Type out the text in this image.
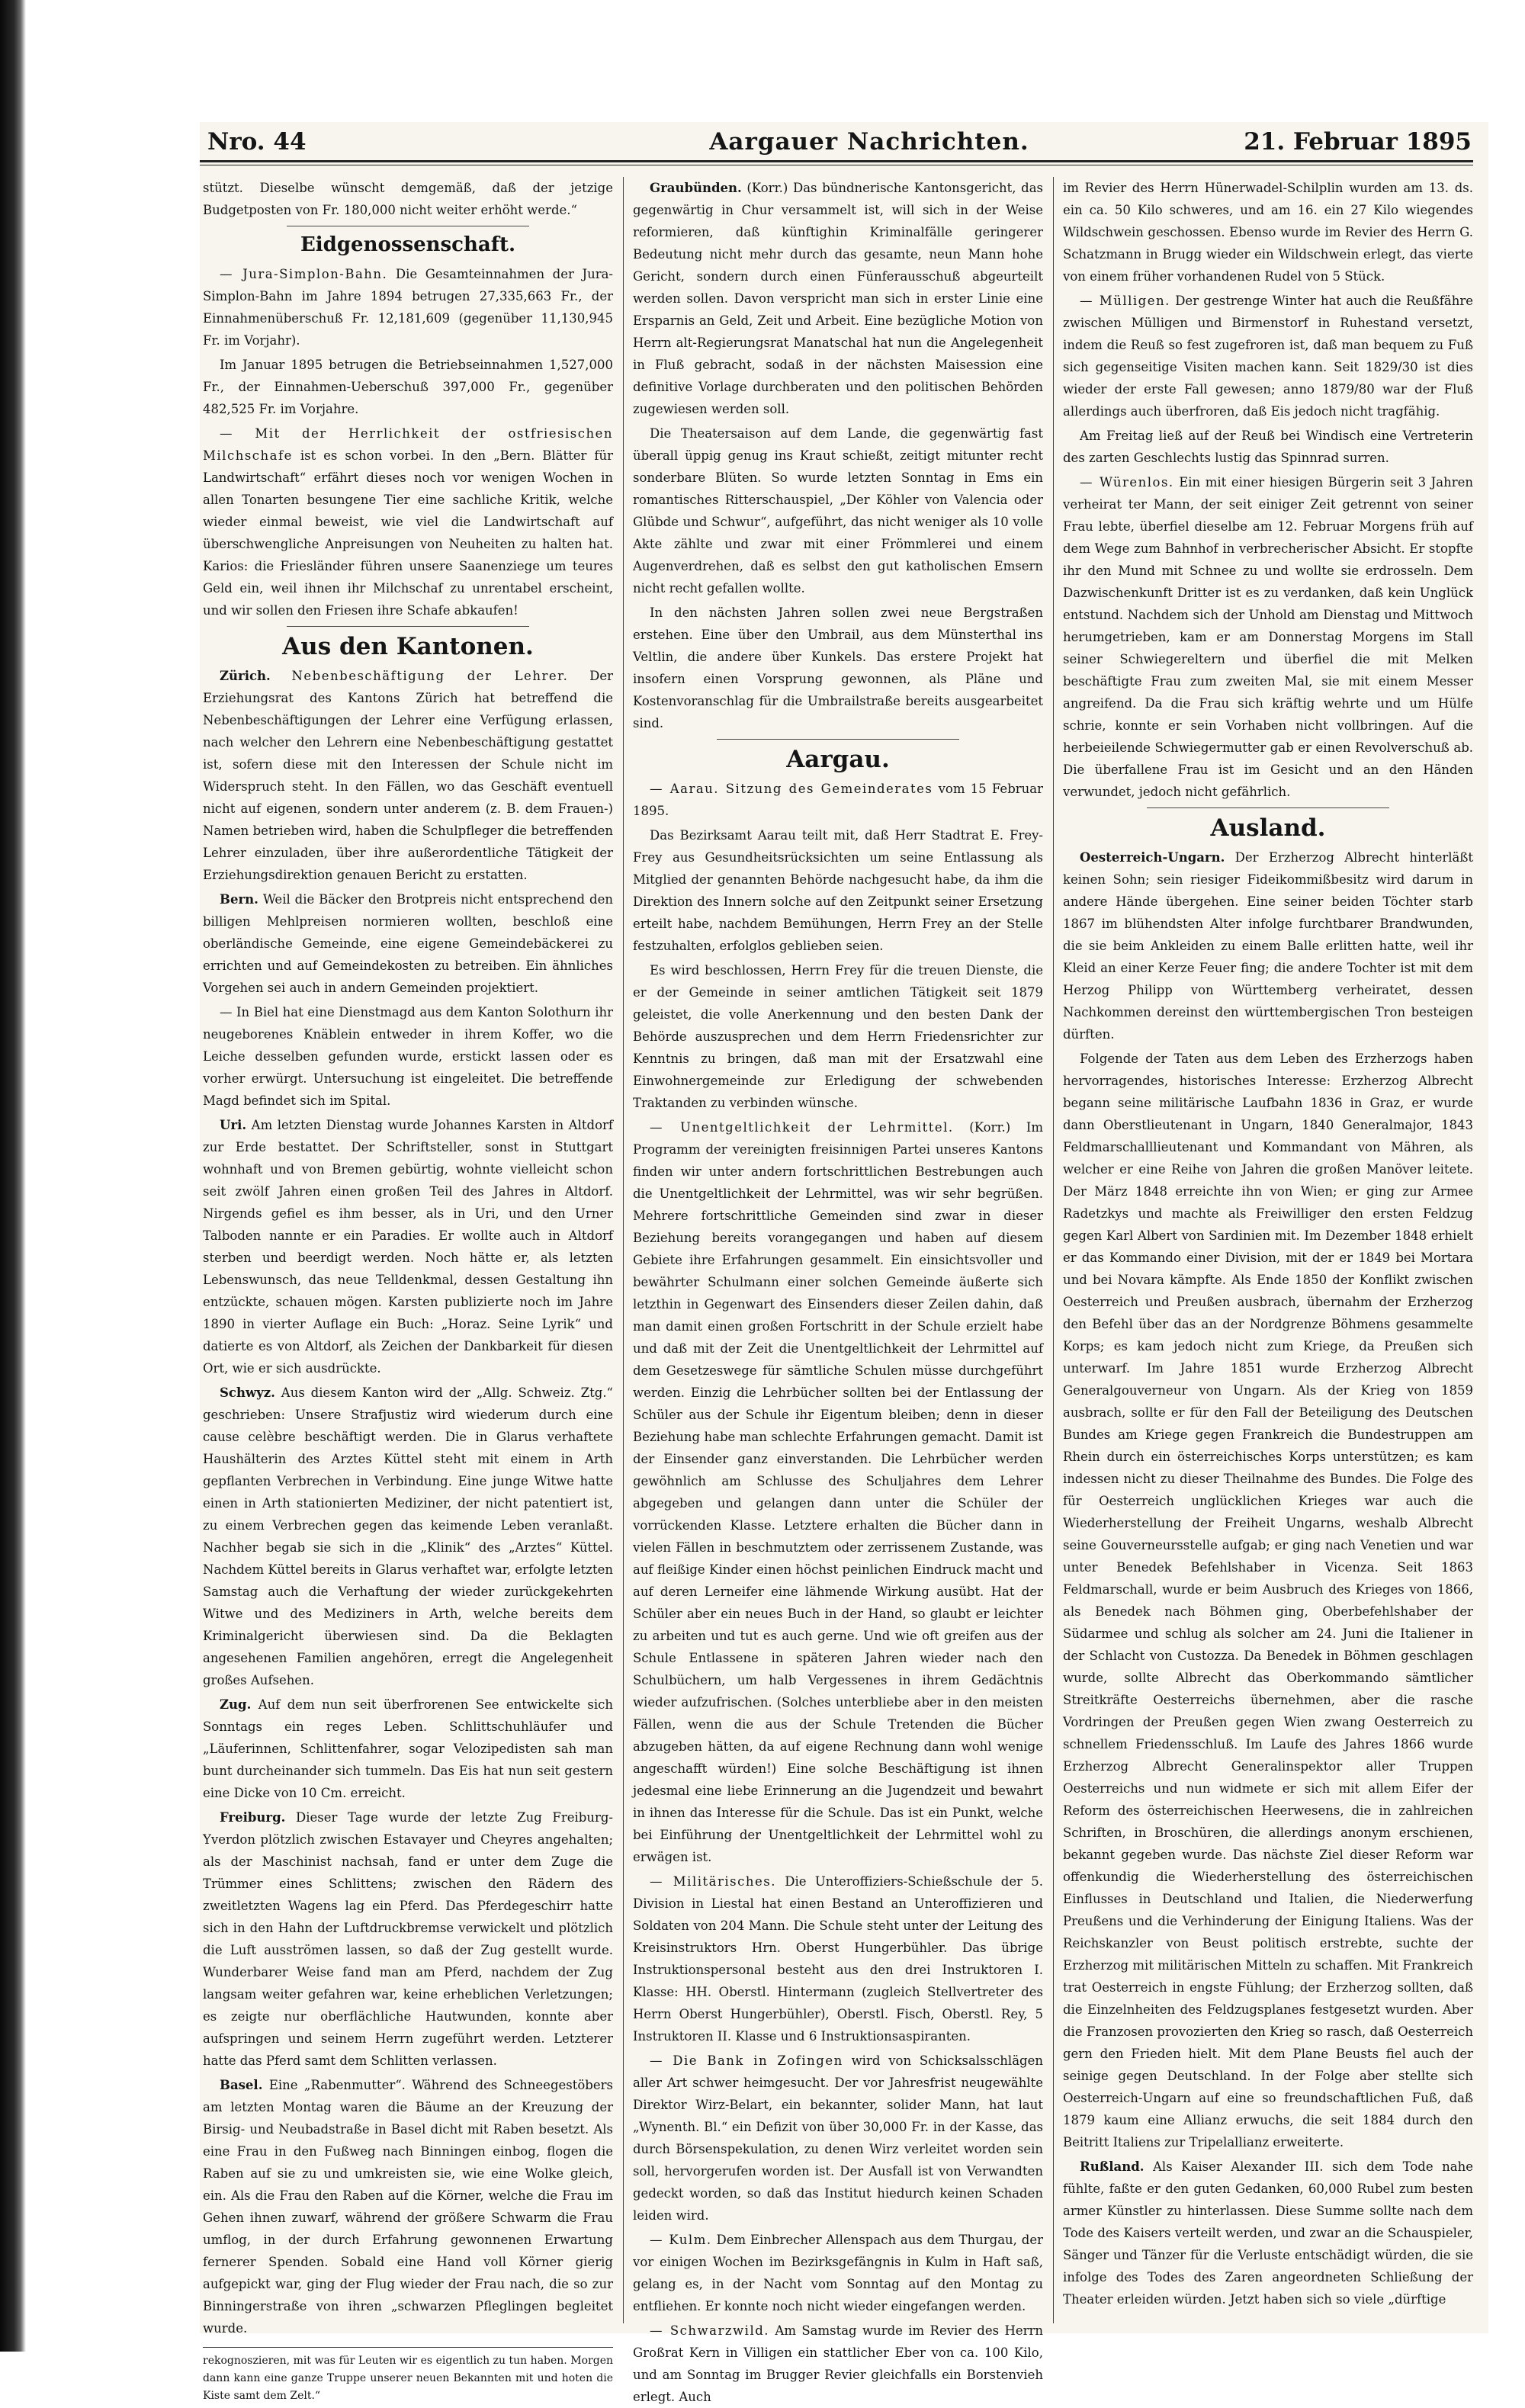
Nro. 44	Aargauer Nachrichten.	21. Februar 1895

stützt. Dieselbe wünscht demgemäß, daß der jetzige Budgetposten von Fr. 180,000 nicht weiter erhöht werde.“

Eidgenossenschaft.

— Jura-Simplon-Bahn. Die Gesamteinnahmen der Jura-Simplon-Bahn im Jahre 1894 betrugen 27,335,663 Fr., der Einnahmenüberschuß Fr. 12,181,609 (gegenüber 11,130,945 Fr. im Vorjahr).

Im Januar 1895 betrugen die Betriebseinnahmen 1,527,000 Fr., der Einnahmen-Ueberschuß 397,000 Fr., gegenüber 482,525 Fr. im Vorjahre.

— Mit der Herrlichkeit der ostfriesischen Milchschafe ist es schon vorbei. In den „Bern. Blätter für Landwirtschaft“ erfährt dieses noch vor wenigen Wochen in allen Tonarten besungene Tier eine sachliche Kritik, welche wieder einmal beweist, wie viel die Landwirtschaft auf überschwengliche Anpreisungen von Neuheiten zu halten hat. Karios: die Friesländer führen unsere Saanenziege um teures Geld ein, weil ihnen ihr Milchschaf zu unrentabel erscheint, und wir sollen den Friesen ihre Schafe abkaufen!

Aus den Kantonen.

Zürich. Nebenbeschäftigung der Lehrer. Der Erziehungsrat des Kantons Zürich hat betreffend die Nebenbeschäftigungen der Lehrer eine Verfügung erlassen, nach welcher den Lehrern eine Nebenbeschäftigung gestattet ist, sofern diese mit den Interessen der Schule nicht im Widerspruch steht. In den Fällen, wo das Geschäft eventuell nicht auf eigenen, sondern unter anderem (z. B. dem Frauen-) Namen betrieben wird, haben die Schulpfleger die betreffenden Lehrer einzuladen, über ihre außerordentliche Tätigkeit der Erziehungsdirektion genauen Bericht zu erstatten.

Bern. Weil die Bäcker den Brotpreis nicht entsprechend den billigen Mehlpreisen normieren wollten, beschloß eine oberländische Gemeinde, eine eigene Gemeindebäckerei zu errichten und auf Gemeindekosten zu betreiben. Ein ähnliches Vorgehen sei auch in andern Gemeinden projektiert.

— In Biel hat eine Dienstmagd aus dem Kanton Solothurn ihr neugeborenes Knäblein entweder in ihrem Koffer, wo die Leiche desselben gefunden wurde, erstickt lassen oder es vorher erwürgt. Untersuchung ist eingeleitet. Die betreffende Magd befindet sich im Spital.

Uri. Am letzten Dienstag wurde Johannes Karsten in Altdorf zur Erde bestattet. Der Schriftsteller, sonst in Stuttgart wohnhaft und von Bremen gebürtig, wohnte vielleicht schon seit zwölf Jahren einen großen Teil des Jahres in Altdorf. Nirgends gefiel es ihm besser, als in Uri, und den Urner Talboden nannte er ein Paradies. Er wollte auch in Altdorf sterben und beerdigt werden. Noch hätte er, als letzten Lebenswunsch, das neue Telldenkmal, dessen Gestaltung ihn entzückte, schauen mögen. Karsten publizierte noch im Jahre 1890 in vierter Auflage ein Buch: „Horaz. Seine Lyrik“ und datierte es von Altdorf, als Zeichen der Dankbarkeit für diesen Ort, wie er sich ausdrückte.

Schwyz. Aus diesem Kanton wird der „Allg. Schweiz. Ztg.“ geschrieben: Unsere Strafjustiz wird wiederum durch eine cause celèbre beschäftigt werden. Die in Glarus verhaftete Haushälterin des Arztes Küttel steht mit einem in Arth gepflanten Verbrechen in Verbindung. Eine junge Witwe hatte einen in Arth stationierten Mediziner, der nicht patentiert ist, zu einem Verbrechen gegen das keimende Leben veranlaßt. Nachher begab sie sich in die „Klinik“ des „Arztes“ Küttel. Nachdem Küttel bereits in Glarus verhaftet war, erfolgte letzten Samstag auch die Verhaftung der wieder zurückgekehrten Witwe und des Mediziners in Arth, welche bereits dem Kriminalgericht überwiesen sind. Da die Beklagten angesehenen Familien angehören, erregt die Angelegenheit großes Aufsehen.

Zug. Auf dem nun seit überfrorenen See entwickelte sich Sonntags ein reges Leben. Schlittschuhläufer und „Läuferinnen, Schlittenfahrer, sogar Velozipedisten sah man bunt durcheinander sich tummeln. Das Eis hat nun seit gestern eine Dicke von 10 Cm. erreicht.

Freiburg. Dieser Tage wurde der letzte Zug Freiburg-Yverdon plötzlich zwischen Estavayer und Cheyres angehalten; als der Maschinist nachsah, fand er unter dem Zuge die Trümmer eines Schlittens; zwischen den Rädern des zweitletzten Wagens lag ein Pferd. Das Pferdegeschirr hatte sich in den Hahn der Luftdruckbremse verwickelt und plötzlich die Luft ausströmen lassen, so daß der Zug gestellt wurde. Wunderbarer Weise fand man am Pferd, nachdem der Zug langsam weiter gefahren war, keine erheblichen Verletzungen; es zeigte nur oberflächliche Hautwunden, konnte aber aufspringen und seinem Herrn zugeführt werden. Letzterer hatte das Pferd samt dem Schlitten verlassen.

Basel. Eine „Rabenmutter“. Während des Schneegestöbers am letzten Montag waren die Bäume an der Kreuzung der Birsig- und Neubadstraße in Basel dicht mit Raben besetzt. Als eine Frau in den Fußweg nach Binningen einbog, flogen die Raben auf sie zu und umkreisten sie, wie eine Wolke gleich, ein. Als die Frau den Raben auf die Körner, welche die Frau im Gehen ihnen zuwarf, während der größere Schwarm die Frau umflog, in der durch Erfahrung gewonnenen Erwartung fernerer Spenden. Sobald eine Hand voll Körner gierig aufgepickt war, ging der Flug wieder der Frau nach, die so zur Binningerstraße von ihren „schwarzen Pfleglingen begleitet wurde.

rekognoszieren, mit was für Leuten wir es eigentlich zu tun haben. Morgen dann kann eine ganze Truppe unserer neuen Bekannten mit und hoten die Kiste samt dem Zelt.“

Graubünden. (Korr.) Das bündnerische Kantonsgericht, das gegenwärtig in Chur versammelt ist, will sich in der Weise reformieren, daß künftighin Kriminalfälle geringerer Bedeutung nicht mehr durch das gesamte, neun Mann hohe Gericht, sondern durch einen Fünferausschuß abgeurteilt werden sollen. Davon verspricht man sich in erster Linie eine Ersparnis an Geld, Zeit und Arbeit. Eine bezügliche Motion von Herrn alt-Regierungsrat Manatschal hat nun die Angelegenheit in Fluß gebracht, sodaß in der nächsten Maisession eine definitive Vorlage durchberaten und den politischen Behörden zugewiesen werden soll.

Die Theatersaison auf dem Lande, die gegenwärtig fast überall üppig genug ins Kraut schießt, zeitigt mitunter recht sonderbare Blüten. So wurde letzten Sonntag in Ems ein romantisches Ritterschauspiel, „Der Köhler von Valencia oder Glübde und Schwur“, aufgeführt, das nicht weniger als 10 volle Akte zählte und zwar mit einer Frömmlerei und einem Augenverdrehen, daß es selbst den gut katholischen Emsern nicht recht gefallen wollte.

In den nächsten Jahren sollen zwei neue Bergstraßen erstehen. Eine über den Umbrail, aus dem Münsterthal ins Veltlin, die andere über Kunkels. Das erstere Projekt hat insofern einen Vorsprung gewonnen, als Pläne und Kostenvoranschlag für die Umbrailstraße bereits ausgearbeitet sind.

Aargau.

— Aarau. Sitzung des Gemeinderates vom 15 Februar 1895.

Das Bezirksamt Aarau teilt mit, daß Herr Stadtrat E. Frey-Frey aus Gesundheitsrücksichten um seine Entlassung als Mitglied der genannten Behörde nachgesucht habe, da ihm die Direktion des Innern solche auf den Zeitpunkt seiner Ersetzung erteilt habe, nachdem Bemühungen, Herrn Frey an der Stelle festzuhalten, erfolglos geblieben seien.

Es wird beschlossen, Herrn Frey für die treuen Dienste, die er der Gemeinde in seiner amtlichen Tätigkeit seit 1879 geleistet, die volle Anerkennung und den besten Dank der Behörde auszusprechen und dem Herrn Friedensrichter zur Kenntnis zu bringen, daß man mit der Ersatzwahl eine Einwohnergemeinde zur Erledigung der schwebenden Traktanden zu verbinden wünsche.

— Unentgeltlichkeit der Lehrmittel. (Korr.) Im Programm der vereinigten freisinnigen Partei unseres Kantons finden wir unter andern fortschrittlichen Bestrebungen auch die Unentgeltlichkeit der Lehrmittel, was wir sehr begrüßen. Mehrere fortschrittliche Gemeinden sind zwar in dieser Beziehung bereits vorangegangen und haben auf diesem Gebiete ihre Erfahrungen gesammelt. Ein einsichtsvoller und bewährter Schulmann einer solchen Gemeinde äußerte sich letzthin in Gegenwart des Einsenders dieser Zeilen dahin, daß man damit einen großen Fortschritt in der Schule erzielt habe und daß mit der Zeit die Unentgeltlichkeit der Lehrmittel auf dem Gesetzeswege für sämtliche Schulen müsse durchgeführt werden. Einzig die Lehrbücher sollten bei der Entlassung der Schüler aus der Schule ihr Eigentum bleiben; denn in dieser Beziehung habe man schlechte Erfahrungen gemacht. Damit ist der Einsender ganz einverstanden. Die Lehrbücher werden gewöhnlich am Schlusse des Schuljahres dem Lehrer abgegeben und gelangen dann unter die Schüler der vorrückenden Klasse. Letztere erhalten die Bücher dann in vielen Fällen in beschmutztem oder zerrissenem Zustande, was auf fleißige Kinder einen höchst peinlichen Eindruck macht und auf deren Lerneifer eine lähmende Wirkung ausübt. Hat der Schüler aber ein neues Buch in der Hand, so glaubt er leichter zu arbeiten und tut es auch gerne. Und wie oft greifen aus der Schule Entlassene in späteren Jahren wieder nach den Schulbüchern, um halb Vergessenes in ihrem Gedächtnis wieder aufzufrischen. (Solches unterbliebe aber in den meisten Fällen, wenn die aus der Schule Tretenden die Bücher abzugeben hätten, da auf eigene Rechnung dann wohl wenige angeschafft würden!) Eine solche Beschäftigung ist ihnen jedesmal eine liebe Erinnerung an die Jugendzeit und bewahrt in ihnen das Interesse für die Schule. Das ist ein Punkt, welche bei Einführung der Unentgeltlichkeit der Lehrmittel wohl zu erwägen ist.

— Militärisches. Die Unteroffiziers-Schießschule der 5. Division in Liestal hat einen Bestand an Unteroffizieren und Soldaten von 204 Mann. Die Schule steht unter der Leitung des Kreisinstruktors Hrn. Oberst Hungerbühler. Das übrige Instruktionspersonal besteht aus den drei Instruktoren I. Klasse: HH. Oberstl. Hintermann (zugleich Stellvertreter des Herrn Oberst Hungerbühler), Oberstl. Fisch, Oberstl. Rey, 5 Instruktoren II. Klasse und 6 Instruktionsaspiranten.

— Die Bank in Zofingen wird von Schicksalsschlägen aller Art schwer heimgesucht. Der vor Jahresfrist neugewählte Direktor Wirz-Belart, ein bekannter, solider Mann, hat laut „Wynenth. Bl.“ ein Defizit von über 30,000 Fr. in der Kasse, das durch Börsenspekulation, zu denen Wirz verleitet worden sein soll, hervorgerufen worden ist. Der Ausfall ist von Verwandten gedeckt worden, so daß das Institut hiedurch keinen Schaden leiden wird.

— Kulm. Dem Einbrecher Allenspach aus dem Thurgau, der vor einigen Wochen im Bezirksgefängnis in Kulm in Haft saß, gelang es, in der Nacht vom Sonntag auf den Montag zu entfliehen. Er konnte noch nicht wieder eingefangen werden.

— Schwarzwild. Am Samstag wurde im Revier des Herrn Großrat Kern in Villigen ein stattlicher Eber von ca. 100 Kilo, und am Sonntag im Brugger Revier gleichfalls ein Borstenvieh erlegt. Auch

im Revier des Herrn Hünerwadel-Schilplin wurden am 13. ds. ein ca. 50 Kilo schweres, und am 16. ein 27 Kilo wiegendes Wildschwein geschossen. Ebenso wurde im Revier des Herrn G. Schatzmann in Brugg wieder ein Wildschwein erlegt, das vierte von einem früher vorhandenen Rudel von 5 Stück.

— Mülligen. Der gestrenge Winter hat auch die Reußfähre zwischen Mülligen und Birmenstorf in Ruhestand versetzt, indem die Reuß so fest zugefroren ist, daß man bequem zu Fuß sich gegenseitige Visiten machen kann. Seit 1829/30 ist dies wieder der erste Fall gewesen; anno 1879/80 war der Fluß allerdings auch überfroren, daß Eis jedoch nicht tragfähig.

Am Freitag ließ auf der Reuß bei Windisch eine Vertreterin des zarten Geschlechts lustig das Spinnrad surren.

— Würenlos. Ein mit einer hiesigen Bürgerin seit 3 Jahren verheirat ter Mann, der seit einiger Zeit getrennt von seiner Frau lebte, überfiel dieselbe am 12. Februar Morgens früh auf dem Wege zum Bahnhof in verbrecherischer Absicht. Er stopfte ihr den Mund mit Schnee zu und wollte sie erdrosseln. Dem Dazwischenkunft Dritter ist es zu verdanken, daß kein Unglück entstund. Nachdem sich der Unhold am Dienstag und Mittwoch herumgetrieben, kam er am Donnerstag Morgens im Stall seiner Schwiegereltern und überfiel die mit Melken beschäftigte Frau zum zweiten Mal, sie mit einem Messer angreifend. Da die Frau sich kräftig wehrte und um Hülfe schrie, konnte er sein Vorhaben nicht vollbringen. Auf die herbeieilende Schwiegermutter gab er einen Revolverschuß ab. Die überfallene Frau ist im Gesicht und an den Händen verwundet, jedoch nicht gefährlich.

Ausland.

Oesterreich-Ungarn. Der Erzherzog Albrecht hinterläßt keinen Sohn; sein riesiger Fideikommißbesitz wird darum in andere Hände übergehen. Eine seiner beiden Töchter starb 1867 im blühendsten Alter infolge furchtbarer Brandwunden, die sie beim Ankleiden zu einem Balle erlitten hatte, weil ihr Kleid an einer Kerze Feuer fing; die andere Tochter ist mit dem Herzog Philipp von Württemberg verheiratet, dessen Nachkommen dereinst den württembergischen Tron besteigen dürften.

Folgende der Taten aus dem Leben des Erzherzogs haben hervorragendes, historisches Interesse: Erzherzog Albrecht begann seine militärische Laufbahn 1836 in Graz, er wurde dann Oberstlieutenant in Ungarn, 1840 Generalmajor, 1843 Feldmarschalllieutenant und Kommandant von Mähren, als welcher er eine Reihe von Jahren die großen Manöver leitete. Der März 1848 erreichte ihn von Wien; er ging zur Armee Radetzkys und machte als Freiwilliger den ersten Feldzug gegen Karl Albert von Sardinien mit. Im Dezember 1848 erhielt er das Kommando einer Division, mit der er 1849 bei Mortara und bei Novara kämpfte. Als Ende 1850 der Konflikt zwischen Oesterreich und Preußen ausbrach, übernahm der Erzherzog den Befehl über das an der Nordgrenze Böhmens gesammelte Korps; es kam jedoch nicht zum Kriege, da Preußen sich unterwarf. Im Jahre 1851 wurde Erzherzog Albrecht Generalgouverneur von Ungarn. Als der Krieg von 1859 ausbrach, sollte er für den Fall der Beteiligung des Deutschen Bundes am Kriege gegen Frankreich die Bundestruppen am Rhein durch ein österreichisches Korps unterstützen; es kam indessen nicht zu dieser Theilnahme des Bundes. Die Folge des für Oesterreich unglücklichen Krieges war auch die Wiederherstellung der Freiheit Ungarns, weshalb Albrecht seine Gouverneursstelle aufgab; er ging nach Venetien und war unter Benedek Befehlshaber in Vicenza. Seit 1863 Feldmarschall, wurde er beim Ausbruch des Krieges von 1866, als Benedek nach Böhmen ging, Oberbefehlshaber der Südarmee und schlug als solcher am 24. Juni die Italiener in der Schlacht von Custozza. Da Benedek in Böhmen geschlagen wurde, sollte Albrecht das Oberkommando sämtlicher Streitkräfte Oesterreichs übernehmen, aber die rasche Vordringen der Preußen gegen Wien zwang Oesterreich zu schnellem Friedensschluß. Im Laufe des Jahres 1866 wurde Erzherzog Albrecht Generalinspektor aller Truppen Oesterreichs und nun widmete er sich mit allem Eifer der Reform des österreichischen Heerwesens, die in zahlreichen Schriften, in Broschüren, die allerdings anonym erschienen, bekannt gegeben wurde. Das nächste Ziel dieser Reform war offenkundig die Wiederherstellung des österreichischen Einflusses in Deutschland und Italien, die Niederwerfung Preußens und die Verhinderung der Einigung Italiens. Was der Reichskanzler von Beust politisch erstrebte, suchte der Erzherzog mit militärischen Mitteln zu schaffen. Mit Frankreich trat Oesterreich in engste Fühlung; der Erzherzog sollten, daß die Einzelnheiten des Feldzugsplanes festgesetzt wurden. Aber die Franzosen provozierten den Krieg so rasch, daß Oesterreich gern den Frieden hielt. Mit dem Plane Beusts fiel auch der seinige gegen Deutschland. In der Folge aber stellte sich Oesterreich-Ungarn auf eine so freundschaftlichen Fuß, daß 1879 kaum eine Allianz erwuchs, die seit 1884 durch den Beitritt Italiens zur Tripelallianz erweiterte.

Rußland. Als Kaiser Alexander III. sich dem Tode nahe fühlte, faßte er den guten Gedanken, 60,000 Rubel zum besten armer Künstler zu hinterlassen. Diese Summe sollte nach dem Tode des Kaisers verteilt werden, und zwar an die Schauspieler, Sänger und Tänzer für die Verluste entschädigt würden, die sie infolge des Todes des Zaren angeordneten Schließung der Theater erleiden würden. Jetzt haben sich so viele „dürftige
